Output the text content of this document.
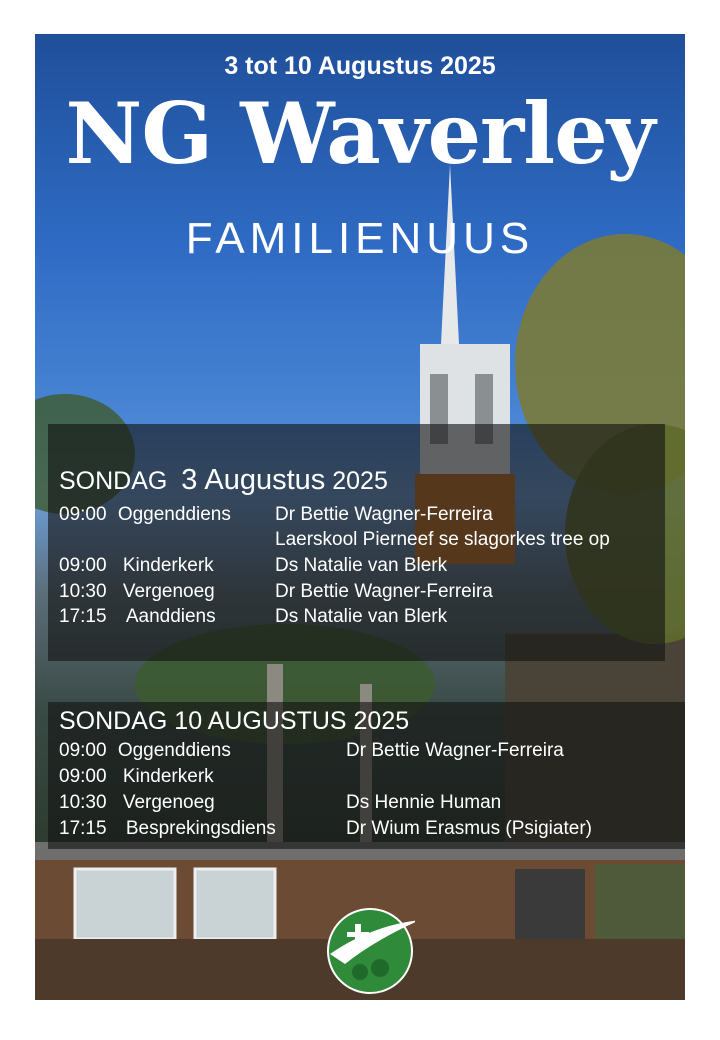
3 tot 10 Augustus 2025
NG Waverley
FAMILIENUUS
SONDAG 3 Augustus 2025
09:00 Oggenddiens Dr Bettie Wagner-Ferreira
Laerskool Pierneef se slagorkes tree op
09:00 Kinderkerk	Ds Natalie van Blerk
10:30 Vergenoeg	Dr Bettie Wagner-Ferreira
17:15 Aanddiens	Ds Natalie van Blerk
SONDAG 10 AUGUSTUS 2025
09:00 Oggenddiens	Dr Bettie Wagner-Ferreira
09:00 Kinderkerk
10:30 Vergenoeg	Ds Hennie Human
17:15 Besprekingsdiens	Dr Wium Erasmus (Psigiater)
